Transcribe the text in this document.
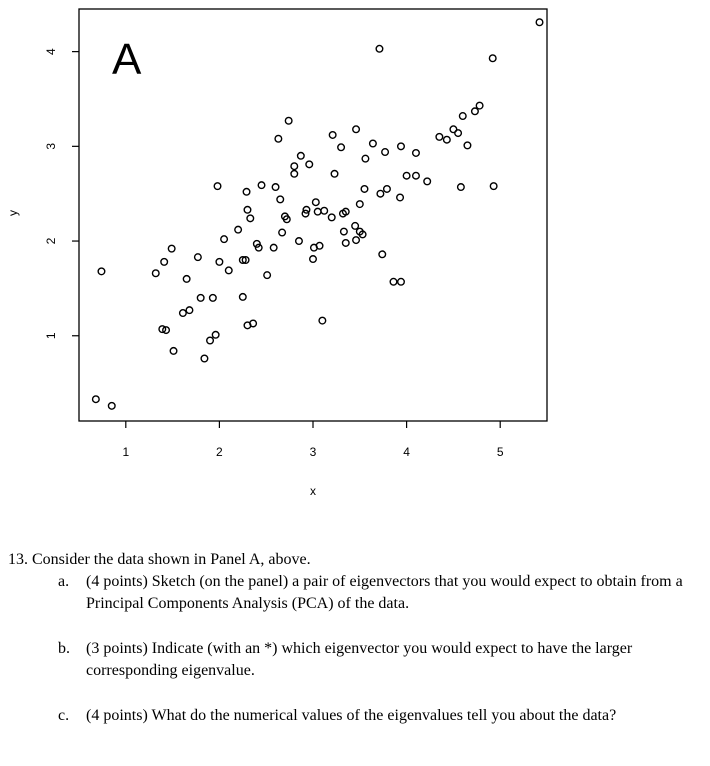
A
1	2	3	4	5
1
2
3
4
x
y

13. Consider the data shown in Panel A, above.

a. (4 points) Sketch (on the panel) a pair of eigenvectors that you would expect to obtain from a Principal Components Analysis (PCA) of the data.
b. (3 points) Indicate (with an *) which eigenvector you would expect to have the larger corresponding eigenvalue.
c. (4 points) What do the numerical values of the eigenvalues tell you about the data?
